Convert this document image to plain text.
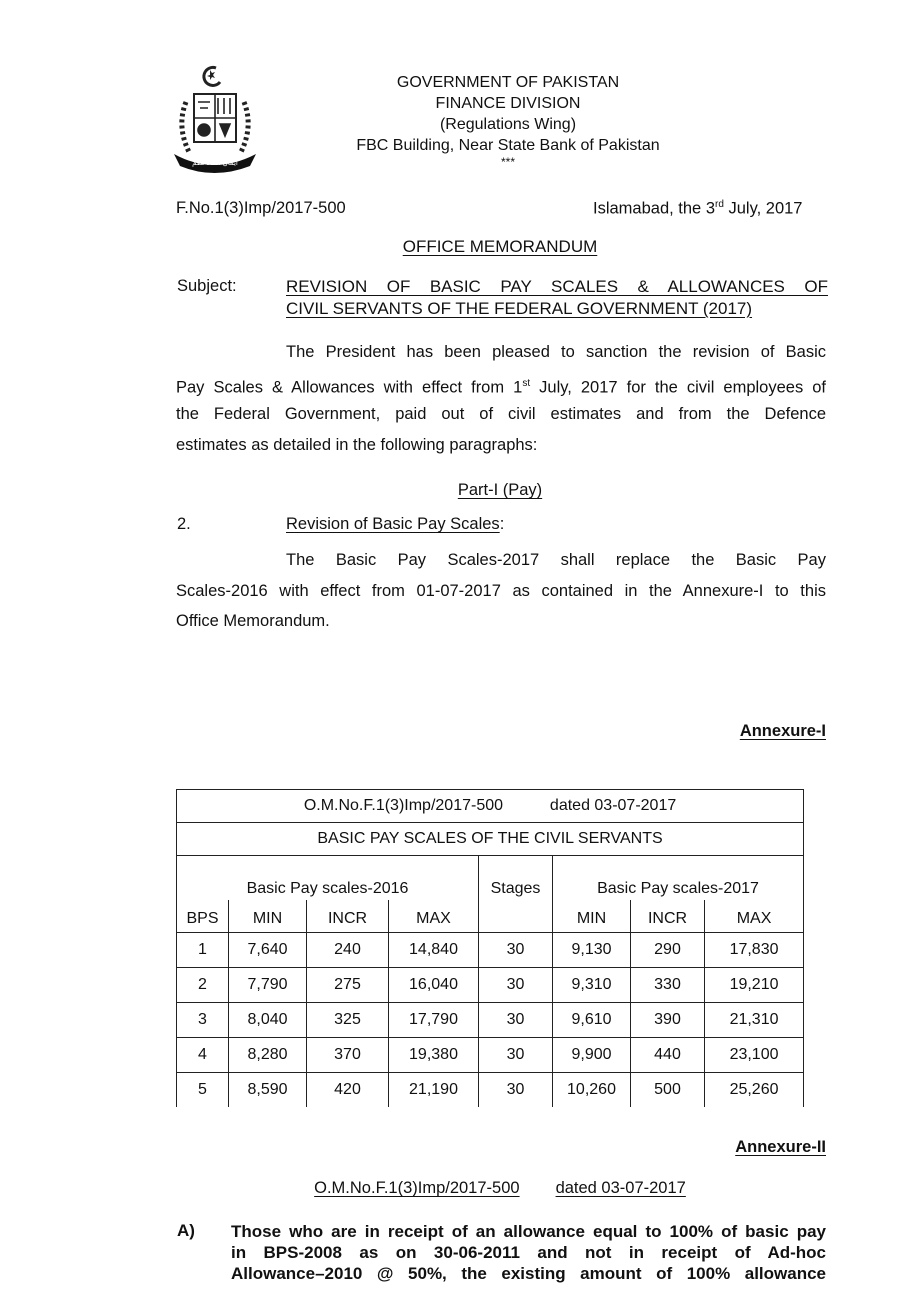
ایمان اتحاد نظم
GOVERNMENT OF PAKISTAN
FINANCE DIVISION
(Regulations Wing)
FBC Building, Near State Bank of Pakistan
***
F.No.1(3)Imp/2017-500	Islamabad, the 3rd July, 2017
OFFICE MEMORANDUM
Subject:	REVISION OF BASIC PAY SCALES & ALLOWANCES OF
CIVIL SERVANTS OF THE FEDERAL GOVERNMENT (2017)
The President has been pleased to sanction the revision of Basic
Pay Scales & Allowances with effect from 1st July, 2017 for the civil employees of
the Federal Government, paid out of civil estimates and from the Defence
estimates as detailed in the following paragraphs:
Part-I (Pay)
2.	Revision of Basic Pay Scales:
The Basic Pay Scales-2017 shall replace the Basic Pay
Scales-2016 with effect from 01-07-2017 as contained in the Annexure-I to this
Office Memorandum.
Annexure-I
O.M.No.F.1(3)Imp/2017-500 dated 03-07-2017							
BASIC PAY SCALES OF THE CIVIL SERVANTS							
Basic Pay scales-2016				Stages	Basic Pay scales-2017		
BPS	MIN	INCR	MAX		MIN	INCR	MAX
1	7,640	240	14,840	30	9,130	290	17,830
2	7,790	275	16,040	30	9,310	330	19,210
3	8,040	325	17,790	30	9,610	390	21,310
4	8,280	370	19,380	30	9,900	440	23,100
5	8,590	420	21,190	30	10,260	500	25,260
Annexure-II
O.M.No.F.1(3)Imp/2017-500 dated 03-07-2017
A) Those who are in receipt of an allowance equal to 100% of basic pay
in BPS-2008 as on 30-06-2011 and not in receipt of Ad-hoc
Allowance–2010 @ 50%, the existing amount of 100% allowance
